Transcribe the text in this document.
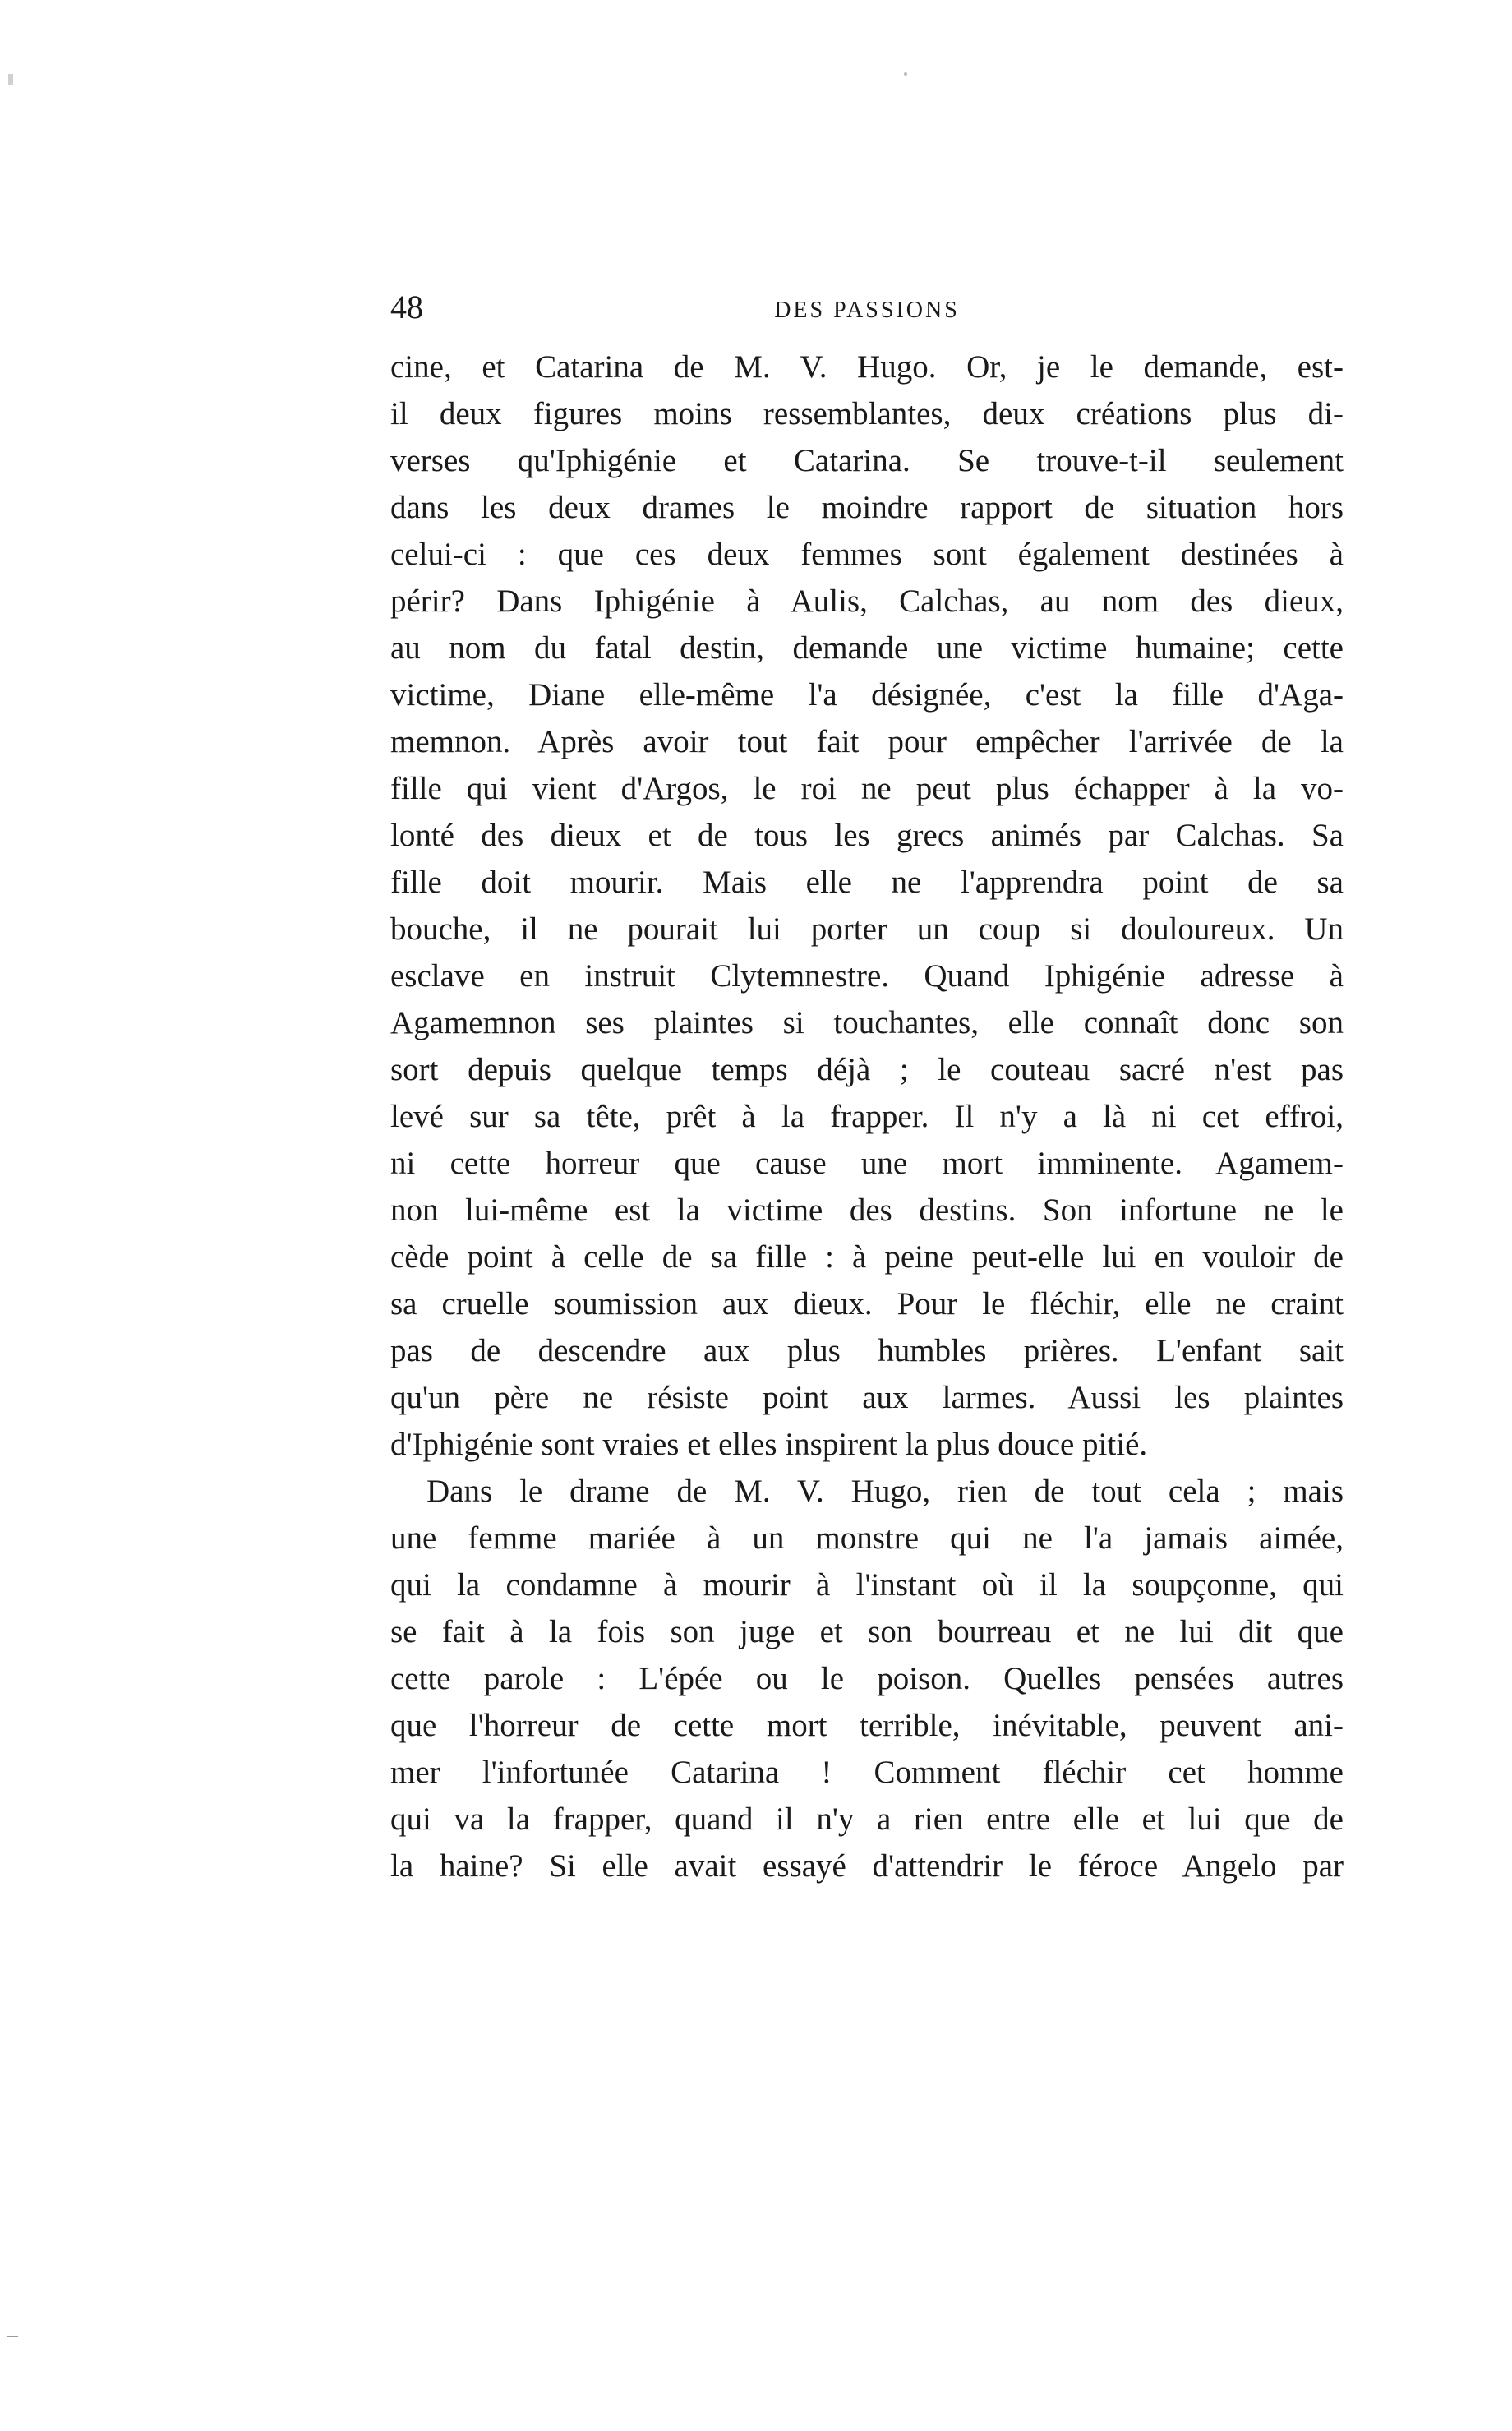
48	DES PASSIONS
cine, et Catarina de M. V. Hugo. Or, je le demande, est-
il deux figures moins ressemblantes, deux créations plus di-
verses qu'Iphigénie et Catarina. Se trouve-t-il seulement
dans les deux drames le moindre rapport de situation hors
celui-ci : que ces deux femmes sont également destinées à
périr? Dans Iphigénie à Aulis, Calchas, au nom des dieux,
au nom du fatal destin, demande une victime humaine; cette
victime, Diane elle-même l'a désignée, c'est la fille d'Aga-
memnon. Après avoir tout fait pour empêcher l'arrivée de la
fille qui vient d'Argos, le roi ne peut plus échapper à la vo-
lonté des dieux et de tous les grecs animés par Calchas. Sa
fille doit mourir. Mais elle ne l'apprendra point de sa
bouche, il ne pourait lui porter un coup si douloureux. Un
esclave en instruit Clytemnestre. Quand Iphigénie adresse à
Agamemnon ses plaintes si touchantes, elle connaît donc son
sort depuis quelque temps déjà ; le couteau sacré n'est pas
levé sur sa tête, prêt à la frapper. Il n'y a là ni cet effroi,
ni cette horreur que cause une mort imminente. Agamem-
non lui-même est la victime des destins. Son infortune ne le
cède point à celle de sa fille : à peine peut-elle lui en vouloir de
sa cruelle soumission aux dieux. Pour le fléchir, elle ne craint
pas de descendre aux plus humbles prières. L'enfant sait
qu'un père ne résiste point aux larmes. Aussi les plaintes
d'Iphigénie sont vraies et elles inspirent la plus douce pitié.
Dans le drame de M. V. Hugo, rien de tout cela ; mais
une femme mariée à un monstre qui ne l'a jamais aimée,
qui la condamne à mourir à l'instant où il la soupçonne, qui
se fait à la fois son juge et son bourreau et ne lui dit que
cette parole : L'épée ou le poison. Quelles pensées autres
que l'horreur de cette mort terrible, inévitable, peuvent ani-
mer l'infortunée Catarina ! Comment fléchir cet homme
qui va la frapper, quand il n'y a rien entre elle et lui que de
la haine? Si elle avait essayé d'attendrir le féroce Angelo par
